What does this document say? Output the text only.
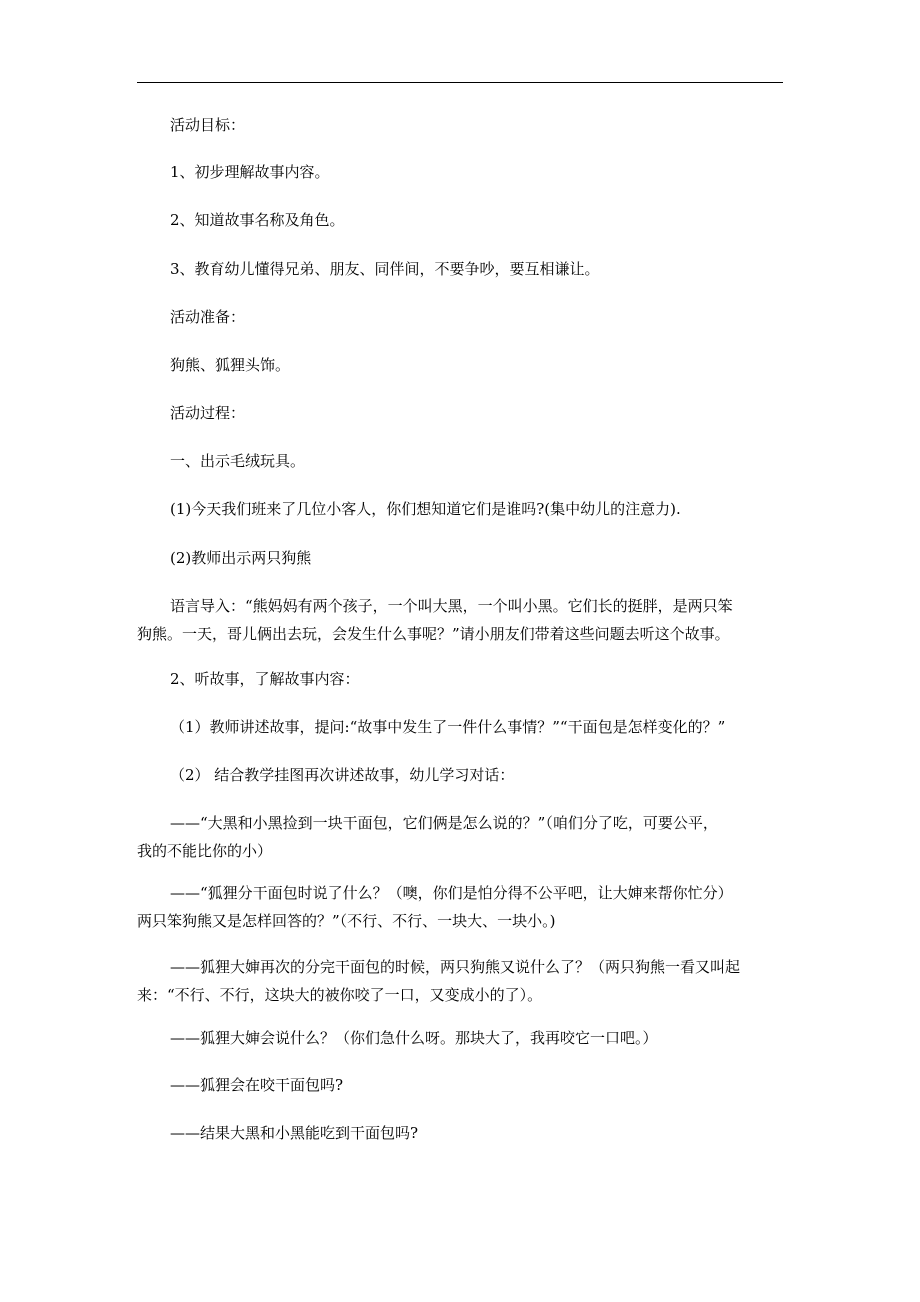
活动目标：

1、初步理解故事内容。

2、知道故事名称及角色。

3、教育幼儿懂得兄弟、朋友、同伴间，不要争吵，要互相谦让。

活动准备：

狗熊、狐狸头饰。

活动过程：

一、出示毛绒玩具。

(1)今天我们班来了几位小客人，你们想知道它们是谁吗?(集中幼儿的注意力).

(2)教师出示两只狗熊

语言导入：“熊妈妈有两个孩子，一个叫大黑，一个叫小黑。它们长的挺胖，是两只笨
狗熊。一天，哥儿俩出去玩，会发生什么事呢？”请小朋友们带着这些问题去听这个故事。

2、听故事，了解故事内容：

（1）教师讲述故事，提问:“故事中发生了一件什么事情？”“干面包是怎样变化的？”

（2） 结合教学挂图再次讲述故事，幼儿学习对话：

——“大黑和小黑捡到一块干面包，它们俩是怎么说的？”（咱们分了吃，可要公平，
我的不能比你的小）
——“狐狸分干面包时说了什么？（噢，你们是怕分得不公平吧，让大婶来帮你忙分）
两只笨狗熊又是怎样回答的？”（不行、不行、一块大、一块小。)
——狐狸大婶再次的分完干面包的时候，两只狗熊又说什么了？（两只狗熊一看又叫起
来：“不行、不行，这块大的被你咬了一口，又变成小的了）。

——狐狸大婶会说什么？（你们急什么呀。那块大了，我再咬它一口吧。）

——狐狸会在咬干面包吗?

——结果大黑和小黑能吃到干面包吗?
